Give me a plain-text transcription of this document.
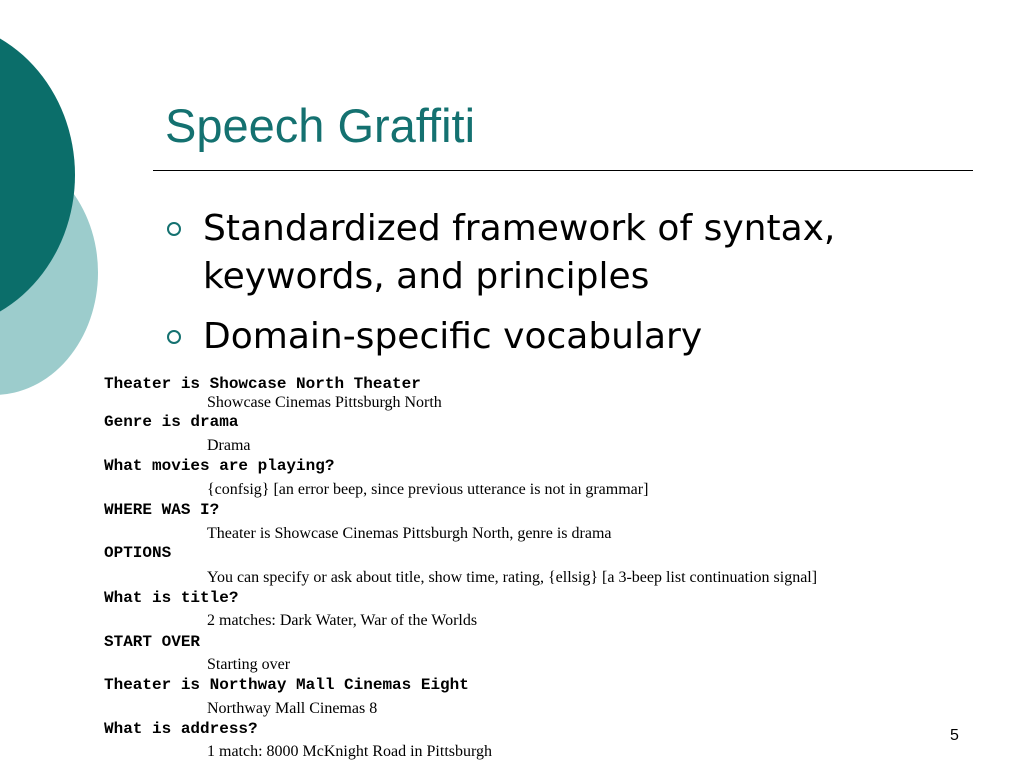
Speech Graffiti
Standardized framework of syntax, keywords, and principles
Domain-specific vocabulary
Theater is Showcase North Theater
Showcase Cinemas Pittsburgh North
Genre is drama
Drama
What movies are playing?
{confsig} [an error beep, since previous utterance is not in grammar]
WHERE WAS I?
Theater is Showcase Cinemas Pittsburgh North, genre is drama
OPTIONS
You can specify or ask about title, show time, rating, {ellsig} [a 3-beep list continuation signal]
What is title?
2 matches: Dark Water, War of the Worlds
START OVER
Starting over
Theater is Northway Mall Cinemas Eight
Northway Mall Cinemas 8
What is address?
1 match: 8000 McKnight Road in Pittsburgh
5
